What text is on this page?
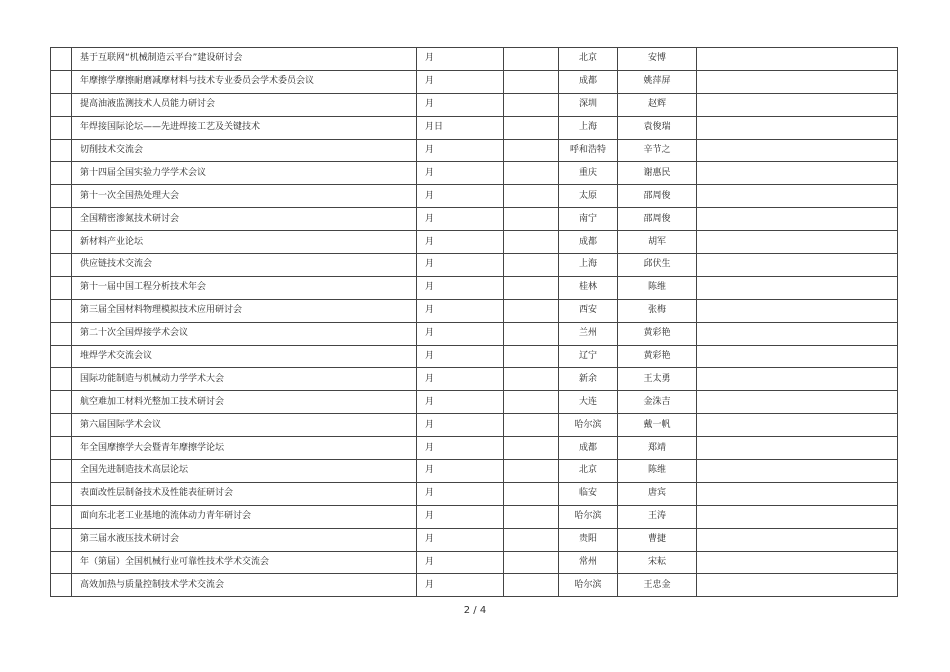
	基于互联网“机械制造云平台”建设研讨会	月		北京	安博	
	年摩擦学摩擦耐磨减摩材料与技术专业委员会学术委员会议	月		成都	姚萍屏	
	提高油液监测技术人员能力研讨会	月		深圳	赵辉	
	年焊接国际论坛——先进焊接工艺及关键技术	月日		上海	袁俊瑞	
	切削技术交流会	月		呼和浩特	辛节之	
	第十四届全国实验力学学术会议	月		重庆	谢惠民	
	第十一次全国热处理大会	月		太原	邵周俊	
	全国精密渗氮技术研讨会	月		南宁	邵周俊	
	新材料产业论坛	月		成都	胡军	
	供应链技术交流会	月		上海	邱伏生	
	第十一届中国工程分析技术年会	月		桂林	陈维	
	第三届全国材料物理模拟技术应用研讨会	月		西安	张梅	
	第二十次全国焊接学术会议	月		兰州	黄彩艳	
	堆焊学术交流会议	月		辽宁	黄彩艳	
	国际功能制造与机械动力学学术大会	月		新余	王太勇	
	航空难加工材料光整加工技术研讨会	月		大连	金洙吉	
	第六届国际学术会议	月		哈尔滨	戴一帆	
	年全国摩擦学大会暨青年摩擦学论坛	月		成都	郑靖	
	全国先进制造技术高层论坛	月		北京	陈维	
	表面改性层制备技术及性能表征研讨会	月		临安	唐宾	
	面向东北老工业基地的流体动力青年研讨会	月		哈尔滨	王涛	
	第三届水液压技术研讨会	月		贵阳	曹捷	
	年（第届）全国机械行业可靠性技术学术交流会	月		常州	宋耘	
	高效加热与质量控制技术学术交流会	月		哈尔滨	王忠金	
2 / 4
